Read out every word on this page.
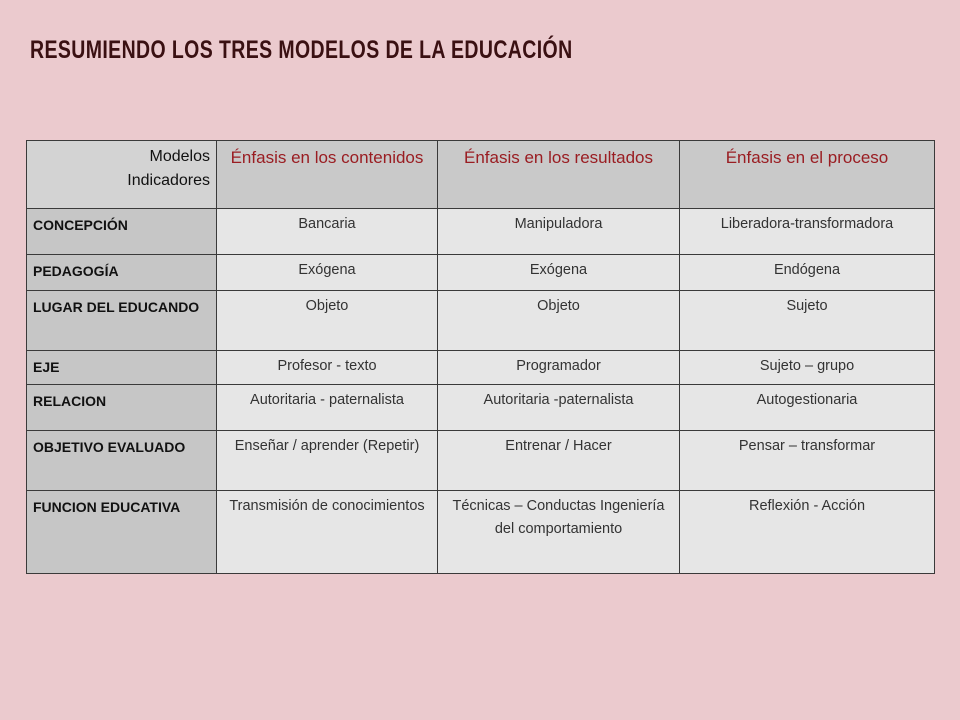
RESUMIENDO LOS TRES MODELOS DE LA EDUCACIÓN
Modelos
Indicadores	Énfasis en los contenidos	Énfasis en los resultados	Énfasis en el proceso
CONCEPCIÓN	Bancaria	Manipuladora	Liberadora-transformadora
PEDAGOGÍA	Exógena	Exógena	Endógena
LUGAR DEL EDUCANDO	Objeto	Objeto	Sujeto
EJE	Profesor - texto	Programador	Sujeto – grupo
RELACION	Autoritaria - paternalista	Autoritaria -paternalista	Autogestionaria
OBJETIVO EVALUADO	Enseñar / aprender (Repetir)	Entrenar / Hacer	Pensar – transformar
FUNCION EDUCATIVA	Transmisión de conocimientos	Técnicas – Conductas Ingeniería del comportamiento	Reflexión - Acción
